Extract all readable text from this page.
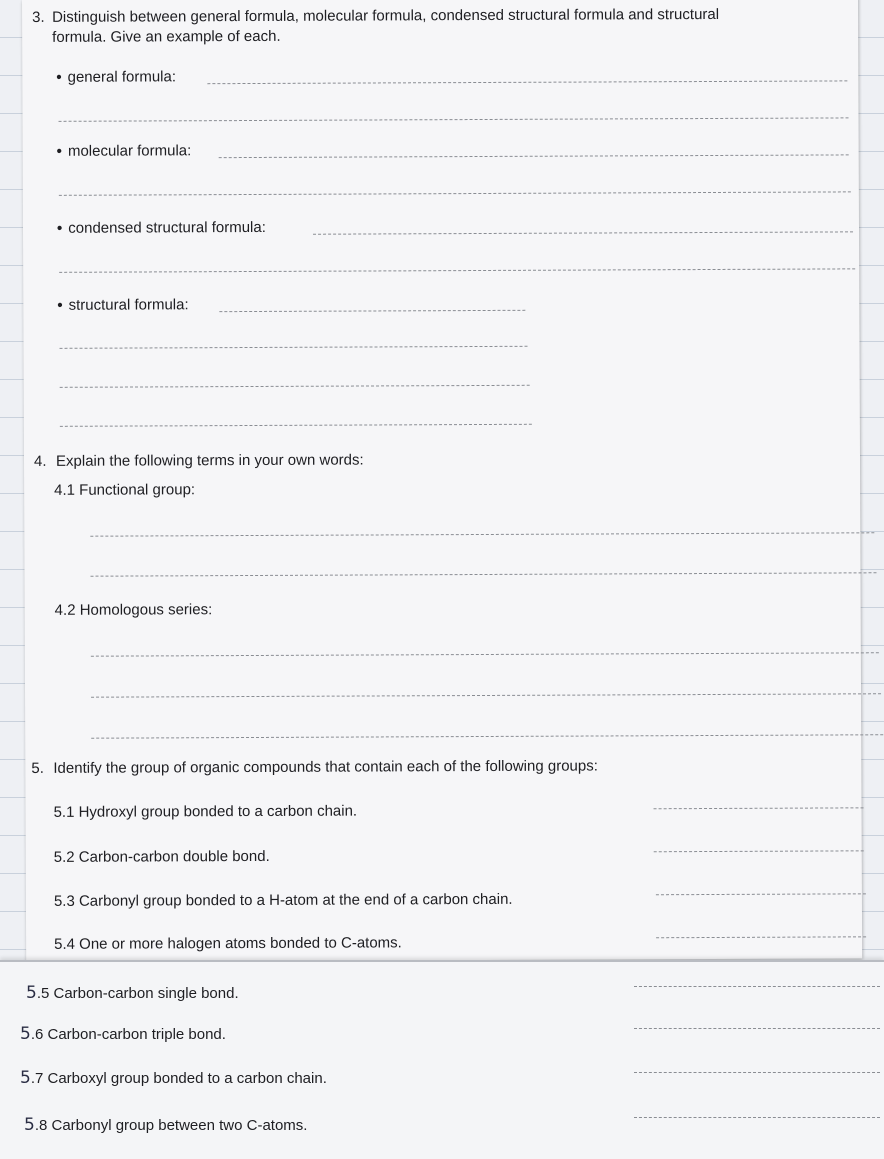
3. Distinguish between general formula, molecular formula, condensed structural formula and structural
formula. Give an example of each.
• general formula:
• molecular formula:
• condensed structural formula:
• structural formula:
4. Explain the following terms in your own words:
4.1 Functional group:
4.2 Homologous series:
5. Identify the group of organic compounds that contain each of the following groups:
5.1 Hydroxyl group bonded to a carbon chain.
5.2 Carbon-carbon double bond.
5.3 Carbonyl group bonded to a H-atom at the end of a carbon chain.
5.4 One or more halogen atoms bonded to C-atoms.
5.5 Carbon-carbon single bond.
5.6 Carbon-carbon triple bond.
5.7 Carboxyl group bonded to a carbon chain.
5.8 Carbonyl group between two C-atoms.
